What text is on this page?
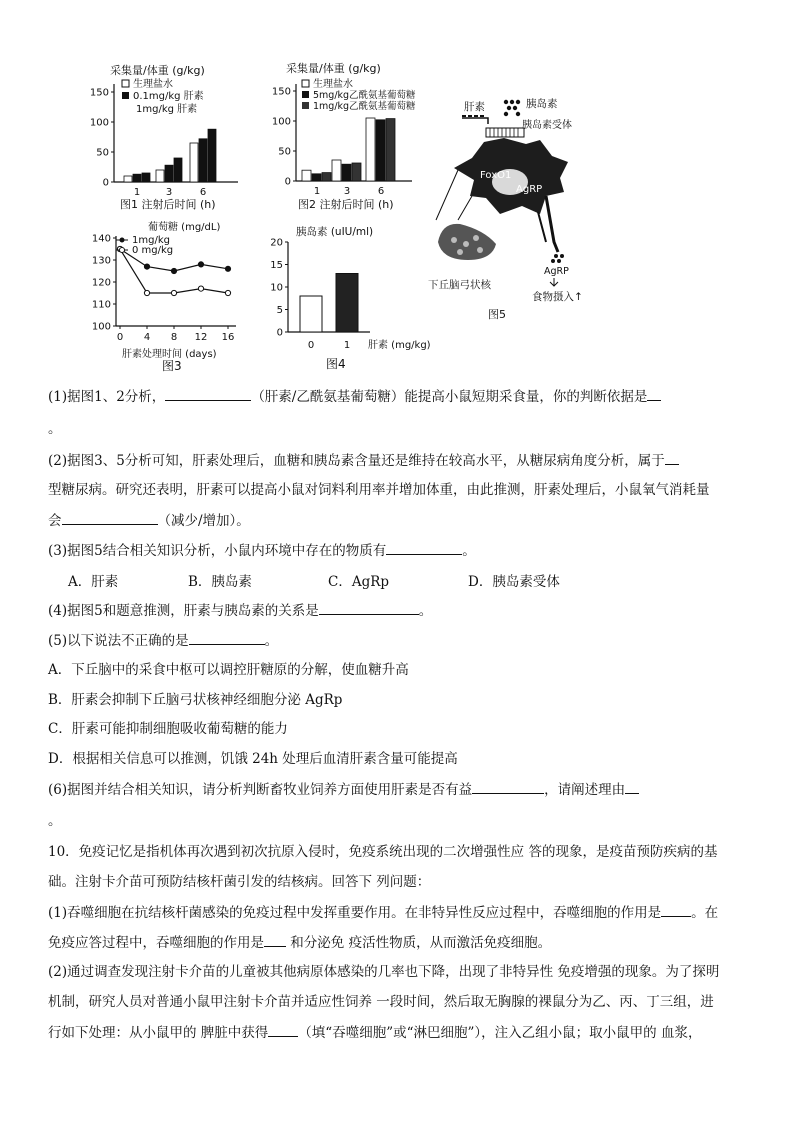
采集量/体重 (g/kg)
150
100
50
0
1	3	6
生理盐水
0.1mg/kg 肝素
1mg/kg 肝素
图1 注射后时间 (h)
采集量/体重 (g/kg)
150
100
50
0
1 3	6
生理盐水
5mg/kg乙酰氨基葡萄糖
1mg/kg乙酰氨基葡萄糖
图2 注射后时间 (h)
葡萄糖 (mg/dL)
140
130
120
110
100
0 4 8 12 16
1mg/kg
0 mg/kg
肝素处理时间 (days)
图3
胰岛素 (uIU/ml)
20
15
10
5
0
0	1 肝素 (mg/kg)
图4
肝素	胰岛素
胰岛素受体
FoxO1
AgRP
AgRP
下丘脑弓状核
食物摄入↑
图5
(1)据图1、2分析，	（肝素/乙酰氨基葡萄糖）能提高小鼠短期采食量，你的判断依据是
。
(2)据图3、5分析可知，肝素处理后，血糖和胰岛素含量还是维持在较高水平，从糖尿病角度分析，属于
型糖尿病。研究还表明，肝素可以提高小鼠对饲料利用率并增加体重，由此推测，肝素处理后，小鼠氧气消耗量
会	（减少/增加）。
(3)据图5结合相关知识分析，小鼠内环境中存在的物质有	。
A．肝素	B．胰岛素	C．AgRp	D．胰岛素受体
(4)据图5和题意推测，肝素与胰岛素的关系是	。
(5)以下说法不正确的是	。
A．下丘脑中的采食中枢可以调控肝糖原的分解，使血糖升高
B．肝素会抑制下丘脑弓状核神经细胞分泌 AgRp
C．肝素可能抑制细胞吸收葡萄糖的能力
D．根据相关信息可以推测，饥饿 24h 处理后血清肝素含量可能提高
(6)据图并结合相关知识，请分析判断畜牧业饲养方面使用肝素是否有益	，请阐述理由
。
10．免疫记忆是指机体再次遇到初次抗原入侵时，免疫系统出现的二次增强性应 答的现象，是疫苗预防疾病的基
础。注射卡介苗可预防结核杆菌引发的结核病。回答下 列问题：
(1)吞噬细胞在抗结核杆菌感染的免疫过程中发挥重要作用。在非特异性反应过程中，吞噬细胞的作用是 。在
免疫应答过程中，吞噬细胞的作用是 和分泌免 疫活性物质，从而激活免疫细胞。
(2)通过调查发现注射卡介苗的儿童被其他病原体感染的几率也下降，出现了非特异性 免疫增强的现象。为了探明
机制，研究人员对普通小鼠甲注射卡介苗并适应性饲养 一段时间，然后取无胸腺的裸鼠分为乙、丙、丁三组，进
行如下处理：从小鼠甲的 脾脏中获得 （填“吞噬细胞”或“淋巴细胞”），注入乙组小鼠；取小鼠甲的 血浆，
